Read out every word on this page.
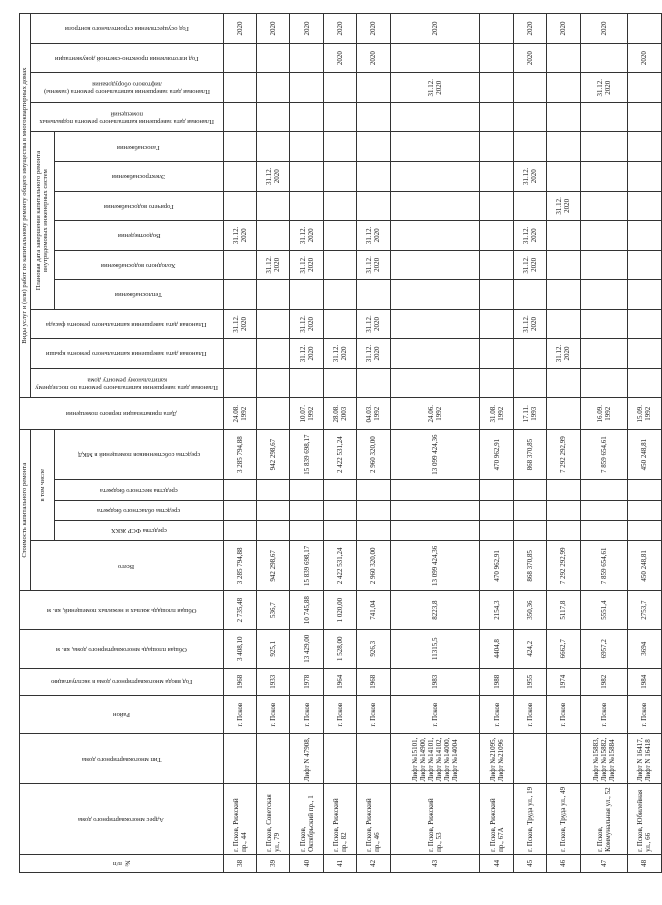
№ п/п	Адрес многоквартирного дома	Тип многоквартирного дома	Район	Год ввода многоквартирного дома в эксплуатацию	Общая площадь многоквартирного дома, кв. м	Общая площадь жилых и нежилых помещений, кв. м	Стоимость капитального ремонта					Дата приватизации первого помещения	Виды услуг и (или) работ по капитальному ремонту общего имущества в многоквартирных домах												

							Всего	в том числе					Плановая дата завершения капитального ремонта по последнему капитальному ремонту дома	Плановая дата завершения капитального ремонта крыши	Плановая дата завершения капитального ремонта фасада	Плановая дата завершения капитального ремонта внутридомовых инженерных систем						Плановая дата завершения капитального ремонта подвальных помещений	Плановая дата завершения капитального ремонта (замены) лифтового оборудования	Год изготовления проектно-сметной документации	Год осуществления строительного контроля

								средства ФСР ЖКХ	средства областного бюджета	средства местного бюджета	средства собственников помещений в МКД					Теплоснабжения	Холодного водоснабжения	Водоотведения	Горячего водоснабжения	Электроснабжения	Газоснабжения				

38	г. Псков, Рижский пр., 44		г. Псков	1968	3 408,10	2 735,48	3 285 794,88				3 285 794,88	24.08. 1992			31.12. 2020			31.12. 2020							2020
39	г. Псков, Советская ул., 79		г. Псков	1933	925,1	536,7	942 298,67				942 298,67						31.12. 2020			31.12. 2020					2020
40	г. Псков, Октябрьский пр., 1	Лифт N 47908,	г. Псков	1978	13 429,00	10 745,88	15 839 698,17				15 839 698,17	10.07. 1992		31.12. 2020	31.12. 2020		31.12. 2020	31.12. 2020							2020
41	г. Псков, Рижский пр., 82		г. Псков	1964	1 528,00	1 020,00	2 422 531,24				2 422 531,24	28.08. 2003		31.12. 2020										2020	2020
42	г. Псков, Рижский пр., 46		г. Псков	1968	926,3	741,04	2 960 320,00				2 960 320,00	04.03. 1992		31.12. 2020	31.12. 2020		31.12. 2020	31.12. 2020						2020	2020
43	г. Псков, Рижский пр., 53	Лифт №15101, Лифт №14900, Лифт №14101, Лифт №14102, Лифт №14000, Лифт №14004	г. Псков	1983	11315,5	8223,8	13 099 424,36				13 099 424,36	24.06. 1992											31.12. 2020		2020
44	г. Псков, Рижский пр., 67А	Лифт №21095, Лифт №21096	г. Псков	1988	4404,8	2154,3	470 962,91				470 962,91	31.08. 1992													
45	г. Псков, Труда ул., 19		г. Псков	1955	424,2	350,36	868 370,85				868 370,85	17.11. 1993			31.12. 2020		31.12. 2020	31.12. 2020		31.12. 2020				2020	2020
46	г. Псков, Труда ул., 49		г. Псков	1974	6662,7	5117,8	7 292 292,99				7 292 292,99			31.12. 2020					31.12. 2020						2020
47	г. Псков, Коммунальная ул., 52	Лифт №15883, Лифт №15882, Лифт №15884	г. Псков	1982	6957,2	5551,4	7 859 654,61				7 859 654,61	16.09. 1992											31.12. 2020		2020
48	г. Псков, Юбилейная ул., 66	Лифт N 16417, Лифт N 16418	г. Псков	1984	3694	2753,7	450 248,81				450 248,81	15.09. 1992												2020	
